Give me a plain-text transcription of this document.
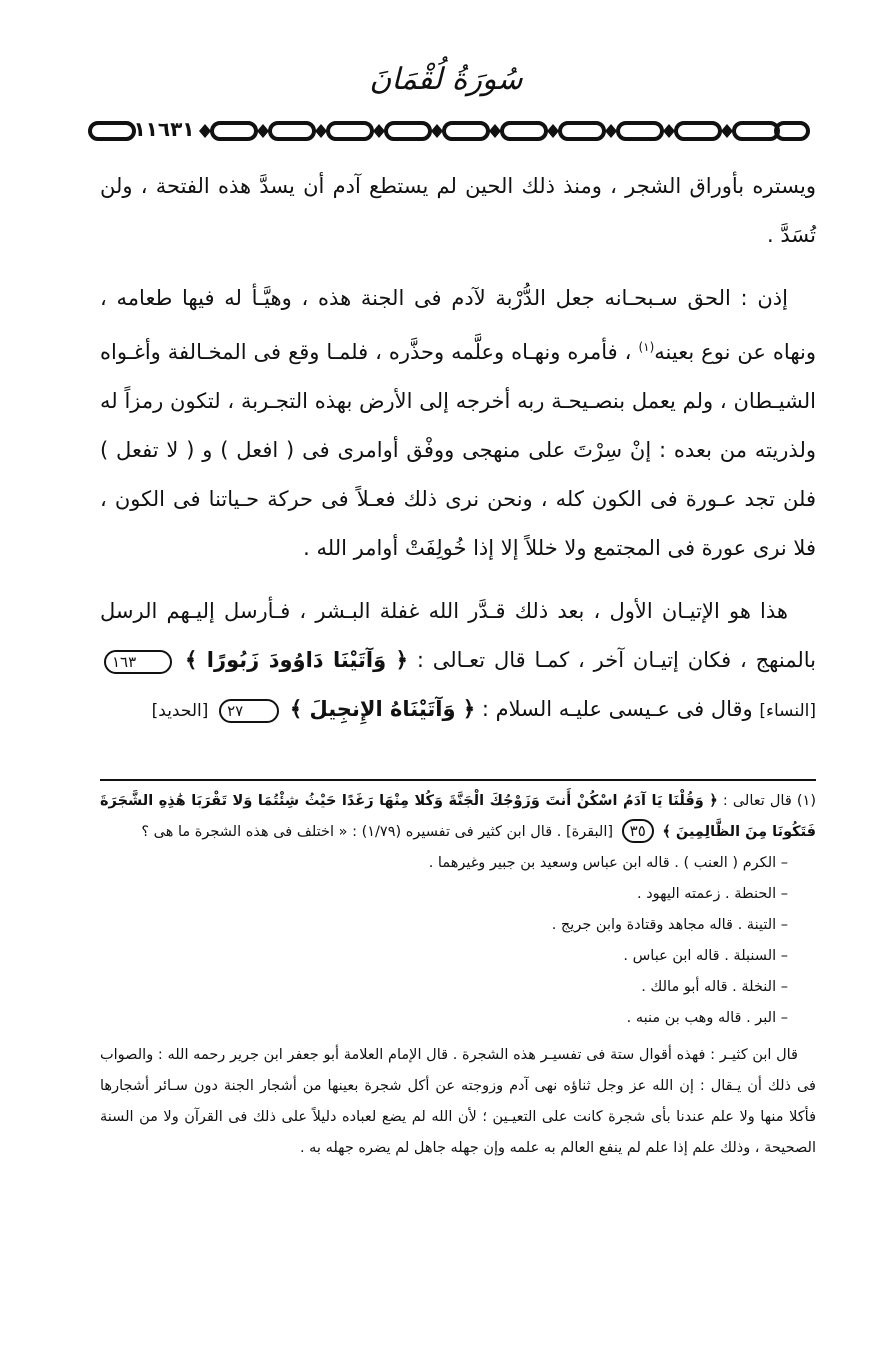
سُورَةُ لُقْمَانَ
١١٦٣١

ويستره بأوراق الشجر ، ومنذ ذلك الحين لم يستطع آدم أن يسدَّ هذه الفتحة ، ولن تُسَدَّ .

إذن : الحق سـبحـانه جعل الدُّرْبة لآدم فى الجنة هذه ، وهيَّـأ له فيها طعامه ، ونهاه عن نوع بعينه$^{(١)}$ ، فأمره ونهـاه وعلَّمه وحذَّره ، فلمـا وقع فى المخـالفة وأغـواه الشيـطان ، ولم يعمل بنصـيحـة ربه أخرجه إلى الأرض بهذه التجـربة ، لتكون رمزاً له ولذريته من بعده : إنْ سِرْتَ على منهجى ووفْق أوامرى فى ( افعل ) و ( لا تفعل ) فلن تجد عـورة فى الكون كله ، ونحن نرى ذلك فعـلاً فى حركة حـياتنا فى الكون ، فلا نرى عورة فى المجتمع ولا خللاً إلا إذا خُولِفَتْ أوامر الله .

هذا هو الإتيـان الأول ، بعد ذلك قـدَّر الله غفلة البـشر ، فـأرسل إليـهم الرسل بالمنهج ، فكان إتيـان آخر ، كمـا قال تعـالى : ﴿ وَآتَيْنَا دَاوُودَ زَبُورًا ﴾ ١٦٣ [النساء] وقال فى عـيسى عليـه السلام : ﴿ وَآتَيْنَاهُ الإِنجِيلَ ﴾ ٢٧ [الحديد]

(١) قال تعالى : ﴿ وَقُلْنَا يَا آدَمُ اسْكُنْ أَنتَ وَزَوْجُكَ الْجَنَّةَ وَكُلا مِنْهَا رَغَدًا حَيْثُ شِئْتُمَا وَلا تَقْرَبَا هَٰذِهِ الشَّجَرَةَ فَتَكُونَا مِنَ الظَّالِمِينَ ﴾ ٣٥ [البقرة] . قال ابن كثير فى تفسيره (١/٧٩) : « اختلف فى هذه الشجرة ما هى ؟

– الكرم ( العنب ) . قاله ابن عباس وسعيد بن جبير وغيرهما .
– الحنطة . زعمته اليهود .
– التينة . قاله مجاهد وقتادة وابن جريج .
– السنبلة . قاله ابن عباس .
– النخلة . قاله أبو مالك .
– البر . قاله وهب بن منبه .

قال ابن كثيـر : فهذه أقوال ستة فى تفسيـر هذه الشجرة . قال الإمام العلامة أبو جعفر ابن جرير رحمه الله : والصواب فى ذلك أن يـقال : إن الله عز وجل ثناؤه نهى آدم وزوجته عن أكل شجرة بعينها من أشجار الجنة دون سـائر أشجارها فأكلا منها ولا علم عندنا بأى شجرة كانت على التعيـين ؛ لأن الله لم يضع لعباده دليلاً على ذلك فى القرآن ولا من السنة الصحيحة ، وذلك علم إذا علم لم ينفع العالم به علمه وإن جهله جاهل لم يضره جهله به .
